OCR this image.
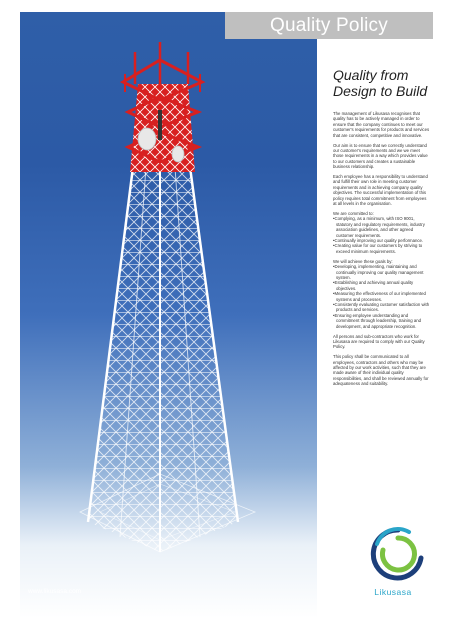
www.likusasa.com
Quality Policy
Quality from
Design to Build

The management of Likusasa recognises that quality has to be actively managed in order to ensure that the company continues to meet our customer's requirements for products and services that are consistent, competitive and innovative.

Our aim is to ensure that we correctly understand our customer's requirements and we we meet those requirements in a way which provides value to our customers and creates a sustainable business relationship.

Each employee has a responsibility to understand and fulfill their own role in meeting customer requirements and in achieving company quality objectives. The successful implementation of this policy requires total commitment from employees at all levels in the organisation.

We are committed to:
• Complying, as a minimum, with ISO 9001, statutory and regulatory requirements, industry association guidelines, and other agreed customer requirements.
• Continually improving our quality performance.
• Creating value for our customers by striving to exceed minimum requirements.
We will achieve these goals by:
• Developing, implementing, maintaining and continually improving our quality management system.
• Establishing and achieving annual quality objectives.
• Measuring the effectiveness of our implemented systems and processes.
• Consistently evaluating customer satisfaction with products and services.
• Ensuring employee understanding and commitment through leadership, training and development, and appropriate recognition.

All persons and sub-contractors who work for Likusasa are required to comply with our Quality Policy.

This policy shall be communicated to all employees, contractors and others who may be affected by our work activities, such that they are made aware of their individual quality responsibilities, and shall be reviewed annually for adequateness and suitability.

Likusasa
